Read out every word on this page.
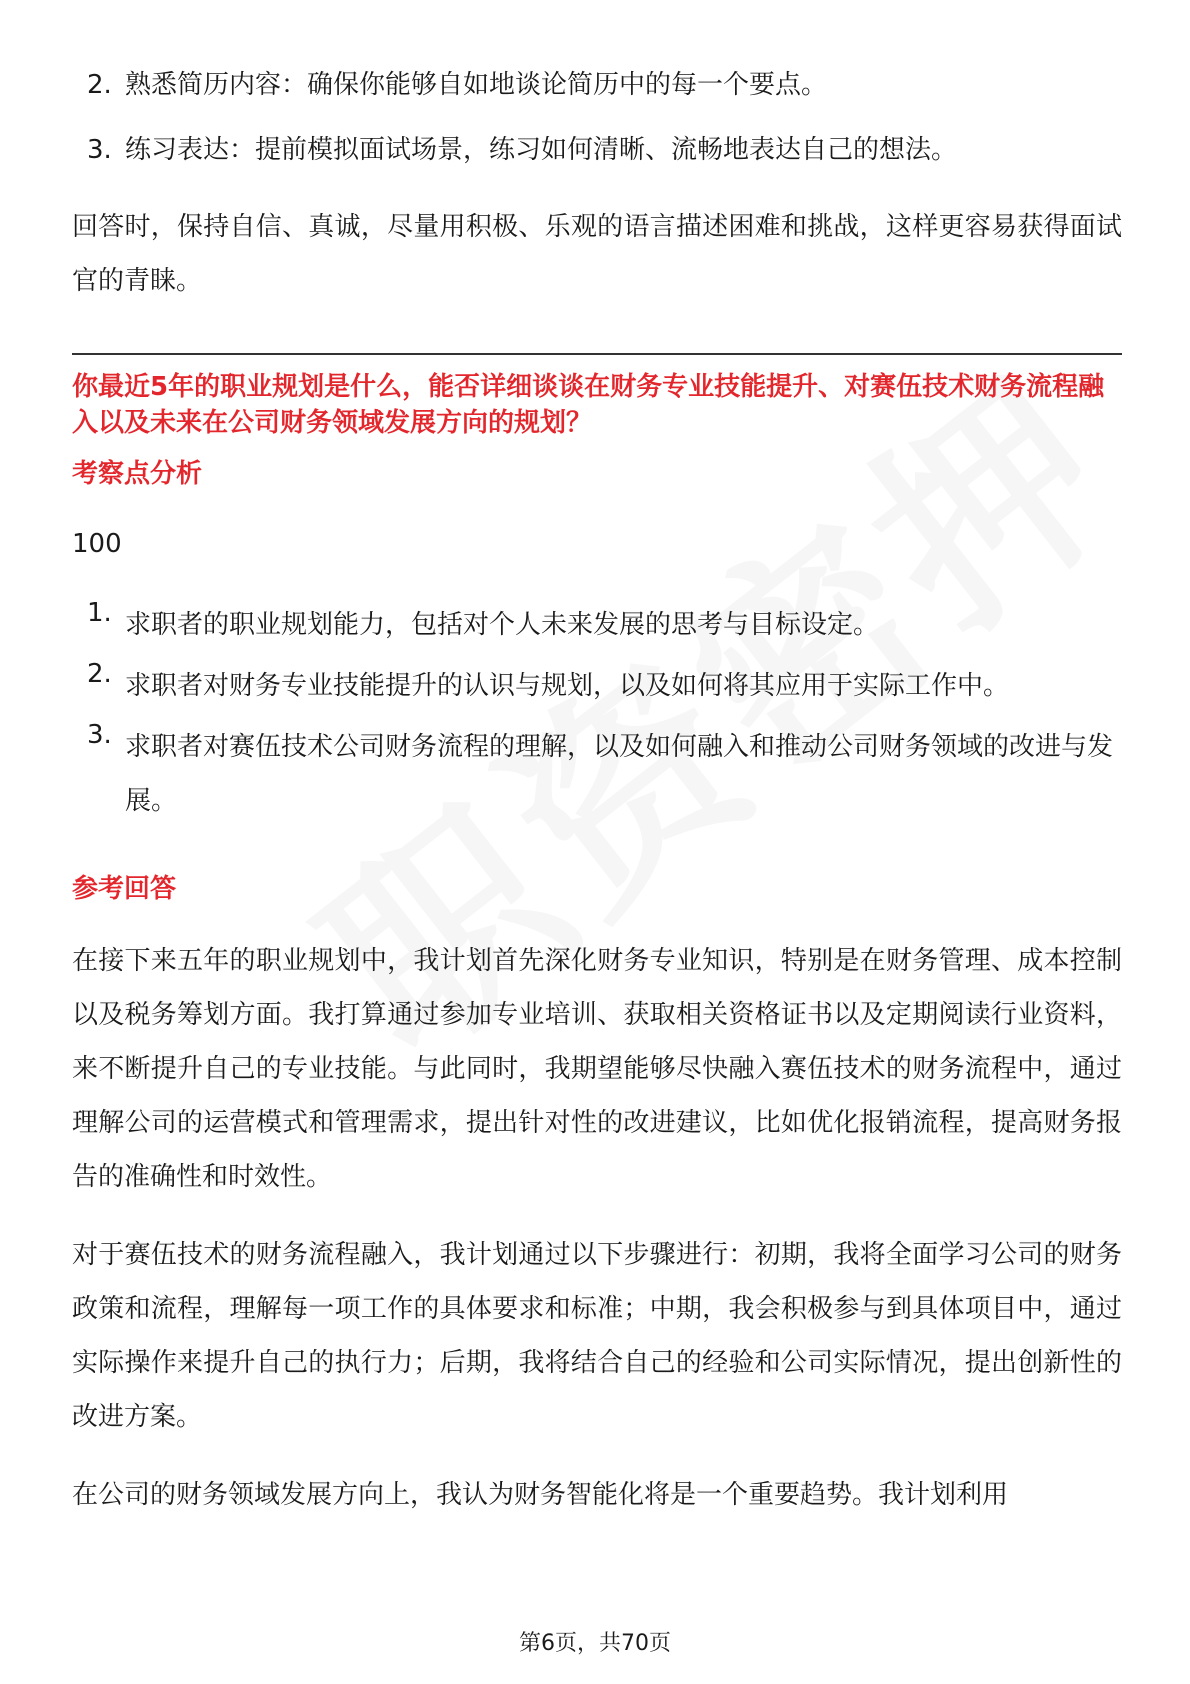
2. 熟悉简历内容：确保你能够自如地谈论简历中的每一个要点。
3. 练习表达：提前模拟面试场景，练习如何清晰、流畅地表达自己的想法。

回答时，保持自信、真诚，尽量用积极、乐观的语言描述困难和挑战，这样更容易获得面试官的青睐。

你最近5年的职业规划是什么，能否详细谈谈在财务专业技能提升、对赛伍技术财务流程融入以及未来在公司财务领域发展方向的规划？
考察点分析
100
1. 求职者的职业规划能力，包括对个人未来发展的思考与目标设定。
2. 求职者对财务专业技能提升的认识与规划，以及如何将其应用于实际工作中。
3. 求职者对赛伍技术公司财务流程的理解，以及如何融入和推动公司财务领域的改进与发展。
参考回答

在接下来五年的职业规划中，我计划首先深化财务专业知识，特别是在财务管理、成本控制以及税务筹划方面。我打算通过参加专业培训、获取相关资格证书以及定期阅读行业资料，来不断提升自己的专业技能。与此同时，我期望能够尽快融入赛伍技术的财务流程中，通过理解公司的运营模式和管理需求，提出针对性的改进建议，比如优化报销流程，提高财务报告的准确性和时效性。

对于赛伍技术的财务流程融入，我计划通过以下步骤进行：初期，我将全面学习公司的财务政策和流程，理解每一项工作的具体要求和标准；中期，我会积极参与到具体项目中，通过实际操作来提升自己的执行力；后期，我将结合自己的经验和公司实际情况，提出创新性的改进方案。

在公司的财务领域发展方向上，我认为财务智能化将是一个重要趋势。我计划利用

第6页，共70页
